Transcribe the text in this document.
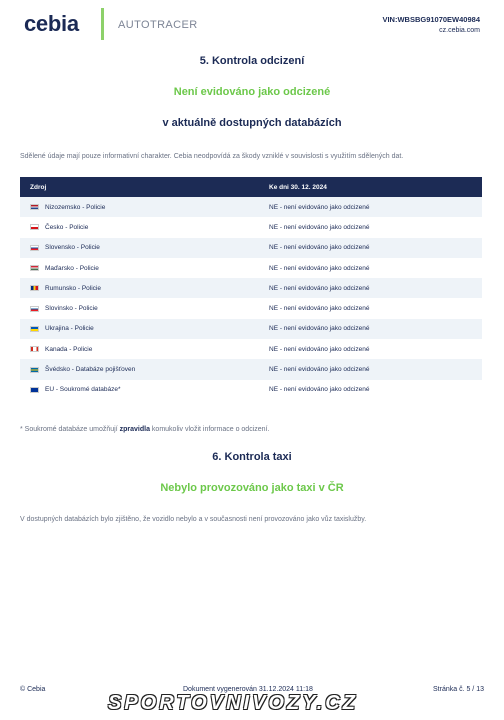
cebia	AUTOTRACER	VIN:WBSBG91070EW40984
cz.cebia.com
5. Kontrola odcizení
Není evidováno jako odcizené
v aktuálně dostupných databázích
Sdělené údaje mají pouze informativní charakter. Cebia neodpovídá za škody vzniklé v souvislosti s využitím sdělených dat.
Zdroj	Ke dni 30. 12. 2024
Nizozemsko - Policie	NE - není evidováno jako odcizené
Česko - Policie	NE - není evidováno jako odcizené
Slovensko - Policie	NE - není evidováno jako odcizené
Maďarsko - Policie	NE - není evidováno jako odcizené
Rumunsko - Policie	NE - není evidováno jako odcizené
Slovinsko - Policie	NE - není evidováno jako odcizené
Ukrajina - Policie	NE - není evidováno jako odcizené
Kanada - Policie	NE - není evidováno jako odcizené
Švédsko - Databáze pojišťoven	NE - není evidováno jako odcizené
EU - Soukromé databáze*	NE - není evidováno jako odcizené
* Soukromé databáze umožňují zpravidla komukoliv vložit informace o odcizení.
6. Kontrola taxi
Nebylo provozováno jako taxi v ČR
V dostupných databázích bylo zjištěno, že vozidlo nebylo a v současnosti není provozováno jako vůz taxislužby.
© Cebia	Dokument vygenerován 31.12.2024 11:18	Stránka č. 5 / 13
SPORTOVNIVOZY.CZ
